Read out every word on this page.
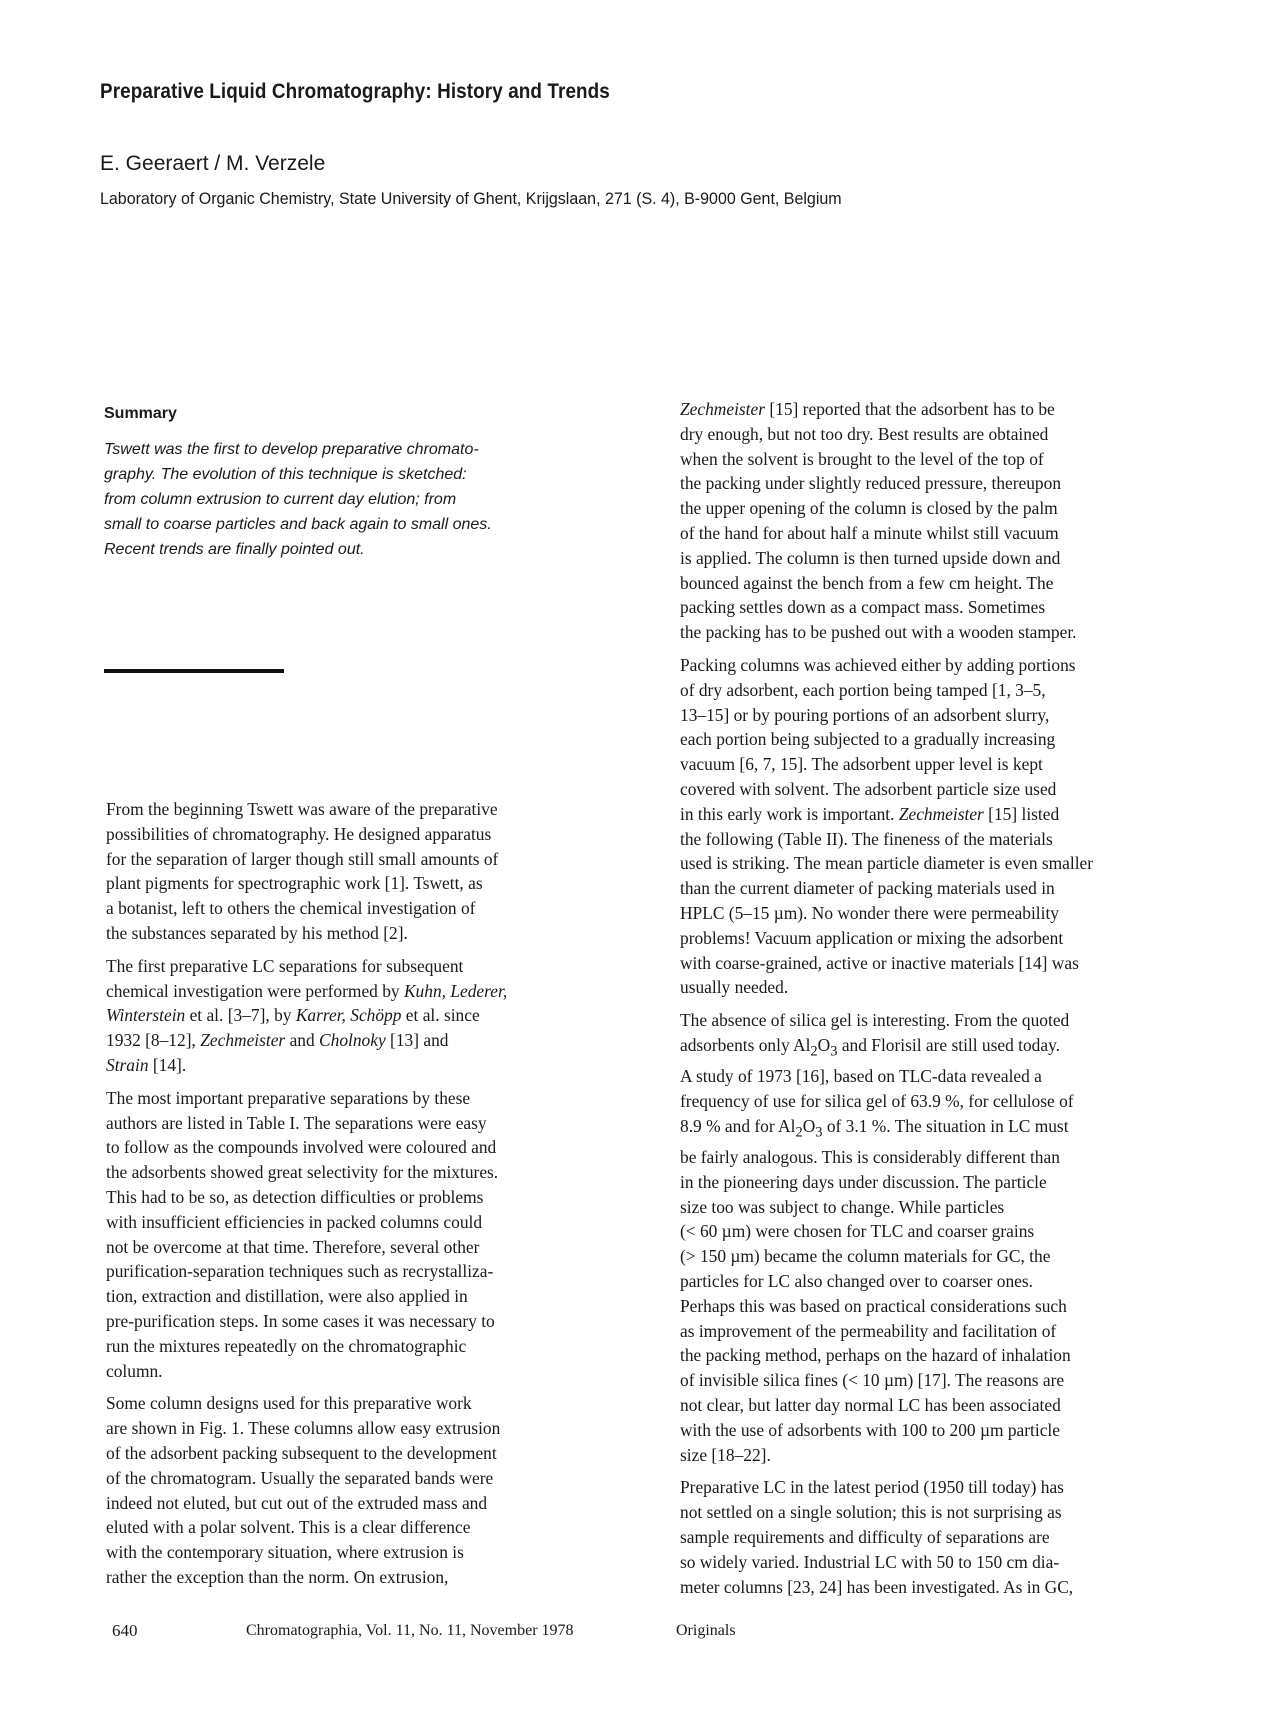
Preparative Liquid Chromatography: History and Trends
E. Geeraert / M. Verzele
Laboratory of Organic Chemistry, State University of Ghent, Krijgslaan, 271 (S. 4), B-9000 Gent, Belgium
Summary

Tswett was the first to develop preparative chromato-
graphy. The evolution of this technique is sketched:
from column extrusion to current day elution; from
small to coarse particles and back again to small ones.
Recent trends are finally pointed out.

From the beginning Tswett was aware of the preparative
possibilities of chromatography. He designed apparatus
for the separation of larger though still small amounts of
plant pigments for spectrographic work [1]. Tswett, as
a botanist, left to others the chemical investigation of
the substances separated by his method [2].

The first preparative LC separations for subsequent
chemical investigation were performed by Kuhn, Lederer,
Winterstein et al. [3–7], by Karrer, Schöpp et al. since
1932 [8–12], Zechmeister and Cholnoky [13] and
Strain [14].

The most important preparative separations by these
authors are listed in Table I. The separations were easy
to follow as the compounds involved were coloured and
the adsorbents showed great selectivity for the mixtures.
This had to be so, as detection difficulties or problems
with insufficient efficiencies in packed columns could
not be overcome at that time. Therefore, several other
purification-separation techniques such as recrystalliza-
tion, extraction and distillation, were also applied in
pre-purification steps. In some cases it was necessary to
run the mixtures repeatedly on the chromatographic
column.

Some column designs used for this preparative work
are shown in Fig. 1. These columns allow easy extrusion
of the adsorbent packing subsequent to the development
of the chromatogram. Usually the separated bands were
indeed not eluted, but cut out of the extruded mass and
eluted with a polar solvent. This is a clear difference
with the contemporary situation, where extrusion is
rather the exception than the norm. On extrusion,

Zechmeister [15] reported that the adsorbent has to be
dry enough, but not too dry. Best results are obtained
when the solvent is brought to the level of the top of
the packing under slightly reduced pressure, thereupon
the upper opening of the column is closed by the palm
of the hand for about half a minute whilst still vacuum
is applied. The column is then turned upside down and
bounced against the bench from a few cm height. The
packing settles down as a compact mass. Sometimes
the packing has to be pushed out with a wooden stamper.

Packing columns was achieved either by adding portions
of dry adsorbent, each portion being tamped [1, 3–5,
13–15] or by pouring portions of an adsorbent slurry,
each portion being subjected to a gradually increasing
vacuum [6, 7, 15]. The adsorbent upper level is kept
covered with solvent. The adsorbent particle size used
in this early work is important. Zechmeister [15] listed
the following (Table II). The fineness of the materials
used is striking. The mean particle diameter is even smaller
than the current diameter of packing materials used in
HPLC (5–15 µm). No wonder there were permeability
problems! Vacuum application or mixing the adsorbent
with coarse-grained, active or inactive materials [14] was
usually needed.

The absence of silica gel is interesting. From the quoted
adsorbents only $Al_2O_3$ and Florisil are still used today.
A study of 1973 [16], based on TLC-data revealed a
frequency of use for silica gel of 63.9 %, for cellulose of
8.9 % and for $Al_2O_3$ of 3.1 %. The situation in LC must
be fairly analogous. This is considerably different than
in the pioneering days under discussion. The particle
size too was subject to change. While particles
(< 60 µm) were chosen for TLC and coarser grains
(> 150 µm) became the column materials for GC, the
particles for LC also changed over to coarser ones.
Perhaps this was based on practical considerations such
as improvement of the permeability and facilitation of
the packing method, perhaps on the hazard of inhalation
of invisible silica fines (< 10 µm) [17]. The reasons are
not clear, but latter day normal LC has been associated
with the use of adsorbents with 100 to 200 µm particle
size [18–22].

Preparative LC in the latest period (1950 till today) has
not settled on a single solution; this is not surprising as
sample requirements and difficulty of separations are
so widely varied. Industrial LC with 50 to 150 cm dia-
meter columns [23, 24] has been investigated. As in GC,

640	Chromatographia, Vol. 11, No. 11, November 1978	Originals
